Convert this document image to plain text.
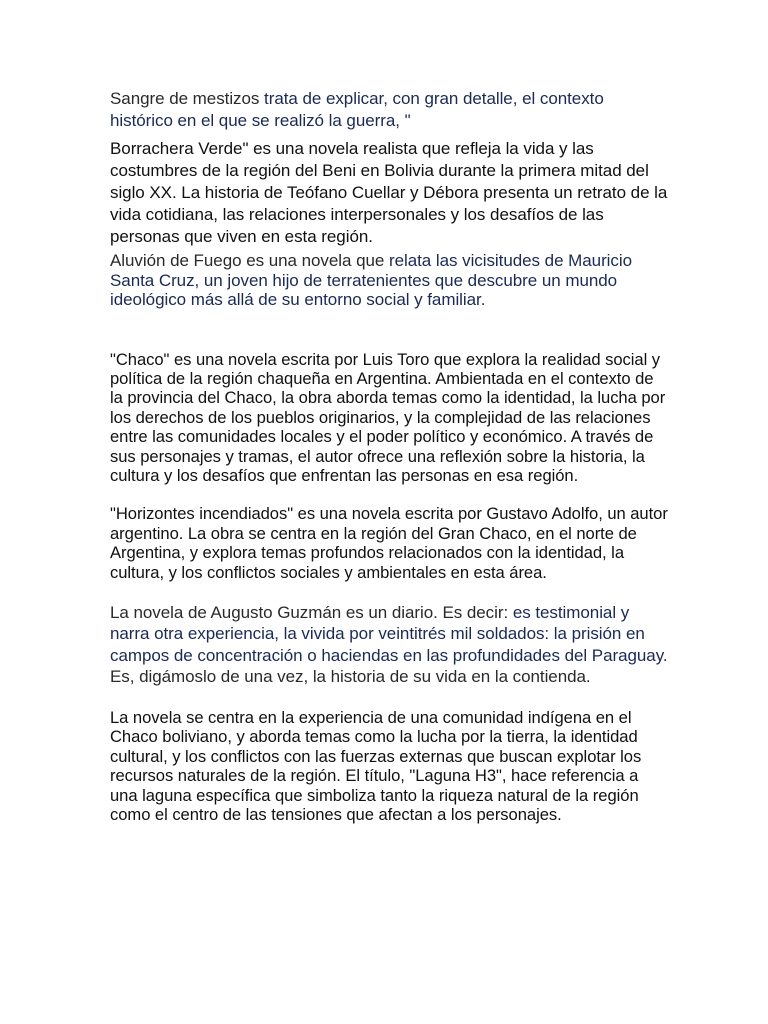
Sangre de mestizos trata de explicar, con gran detalle, el contexto histórico en el que se realizó la guerra, "

Borrachera Verde" es una novela realista que refleja la vida y las costumbres de la región del Beni en Bolivia durante la primera mitad del siglo XX. La historia de Teófano Cuellar y Débora presenta un retrato de la vida cotidiana, las relaciones interpersonales y los desafíos de las personas que viven en esta región.

Aluvión de Fuego es una novela que relata las vicisitudes de Mauricio Santa Cruz, un joven hijo de terratenientes que descubre un mundo ideológico más allá de su entorno social y familiar.

"Chaco" es una novela escrita por Luis Toro que explora la realidad social y política de la región chaqueña en Argentina. Ambientada en el contexto de la provincia del Chaco, la obra aborda temas como la identidad, la lucha por los derechos de los pueblos originarios, y la complejidad de las relaciones entre las comunidades locales y el poder político y económico. A través de sus personajes y tramas, el autor ofrece una reflexión sobre la historia, la cultura y los desafíos que enfrentan las personas en esa región.

"Horizontes incendiados" es una novela escrita por Gustavo Adolfo, un autor argentino. La obra se centra en la región del Gran Chaco, en el norte de Argentina, y explora temas profundos relacionados con la identidad, la cultura, y los conflictos sociales y ambientales en esta área.

La novela de Augusto Guzmán es un diario. Es decir: es testimonial y narra otra experiencia, la vivida por veintitrés mil soldados: la prisión en campos de concentración o haciendas en las profundidades del Paraguay. Es, digámoslo de una vez, la historia de su vida en la contienda.

La novela se centra en la experiencia de una comunidad indígena en el Chaco boliviano, y aborda temas como la lucha por la tierra, la identidad cultural, y los conflictos con las fuerzas externas que buscan explotar los recursos naturales de la región. El título, "Laguna H3", hace referencia a una laguna específica que simboliza tanto la riqueza natural de la región como el centro de las tensiones que afectan a los personajes.
